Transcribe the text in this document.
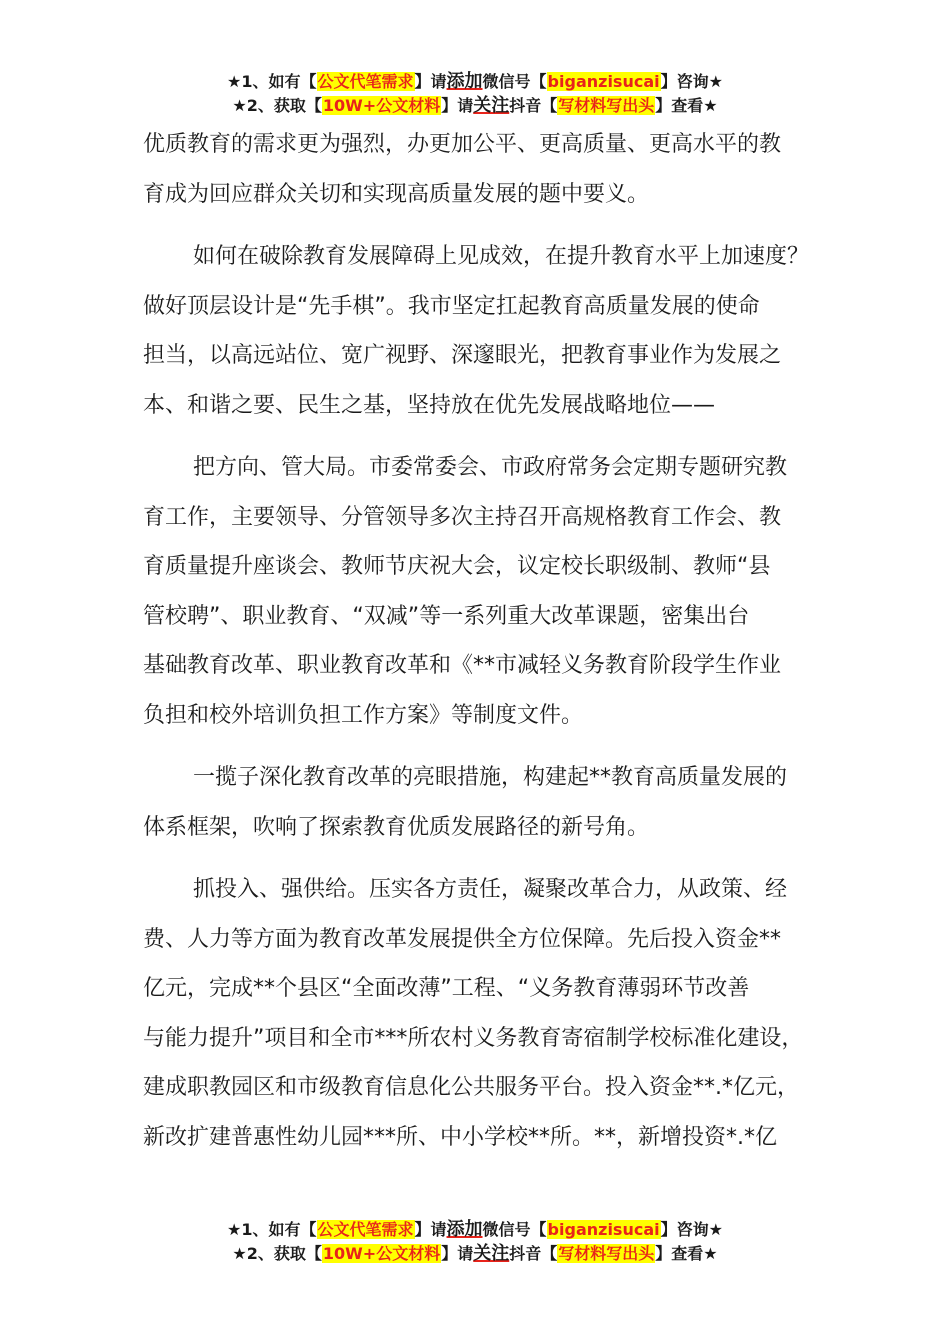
★1、如有【公文代笔需求】请添加微信号【biganzisucai】咨询★
★2、获取【10W+公文材料】请关注抖音【写材料写出头】查看★
优质教育的需求更为强烈，办更加公平、更高质量、更高水平的教
育成为回应群众关切和实现高质量发展的题中要义。
如何在破除教育发展障碍上见成效，在提升教育水平上加速度？
做好顶层设计是“先手棋”。我市坚定扛起教育高质量发展的使命
担当，以高远站位、宽广视野、深邃眼光，把教育事业作为发展之
本、和谐之要、民生之基，坚持放在优先发展战略地位——
把方向、管大局。市委常委会、市政府常务会定期专题研究教
育工作，主要领导、分管领导多次主持召开高规格教育工作会、教
育质量提升座谈会、教师节庆祝大会，议定校长职级制、教师“县
管校聘”、职业教育、“双减”等一系列重大改革课题，密集出台
基础教育改革、职业教育改革和《**市减轻义务教育阶段学生作业
负担和校外培训负担工作方案》等制度文件。
一揽子深化教育改革的亮眼措施，构建起**教育高质量发展的
体系框架，吹响了探索教育优质发展路径的新号角。
抓投入、强供给。压实各方责任，凝聚改革合力，从政策、经
费、人力等方面为教育改革发展提供全方位保障。先后投入资金**
亿元，完成**个县区“全面改薄”工程、“义务教育薄弱环节改善
与能力提升”项目和全市***所农村义务教育寄宿制学校标准化建设，
建成职教园区和市级教育信息化公共服务平台。投入资金**.*亿元，
新改扩建普惠性幼儿园***所、中小学校**所。**，新增投资*.*亿
★1、如有【公文代笔需求】请添加微信号【biganzisucai】咨询★
★2、获取【10W+公文材料】请关注抖音【写材料写出头】查看★
